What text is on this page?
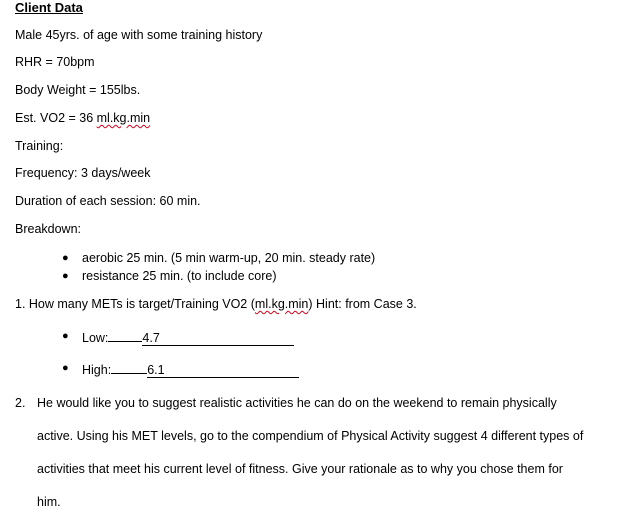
Client Data
Male 45yrs. of age with some training history
RHR = 70bpm
Body Weight = 155lbs.
Est. VO2 = 36 ml.kg.min
Training:
Frequency: 3 days/week
Duration of each session: 60 min.
Breakdown:
● aerobic 25 min. (5 min warm-up, 20 min. steady rate)
● resistance 25 min. (to include core)
1. How many METs is target/Training VO2 (ml.kg.min) Hint: from Case 3.
● Low:	4.7
● High:	6.1
2. He would like you to suggest realistic activities he can do on the weekend to remain physically
active. Using his MET levels, go to the compendium of Physical Activity suggest 4 different types of
activities that meet his current level of fitness. Give your rationale as to why you chose them for
him.
